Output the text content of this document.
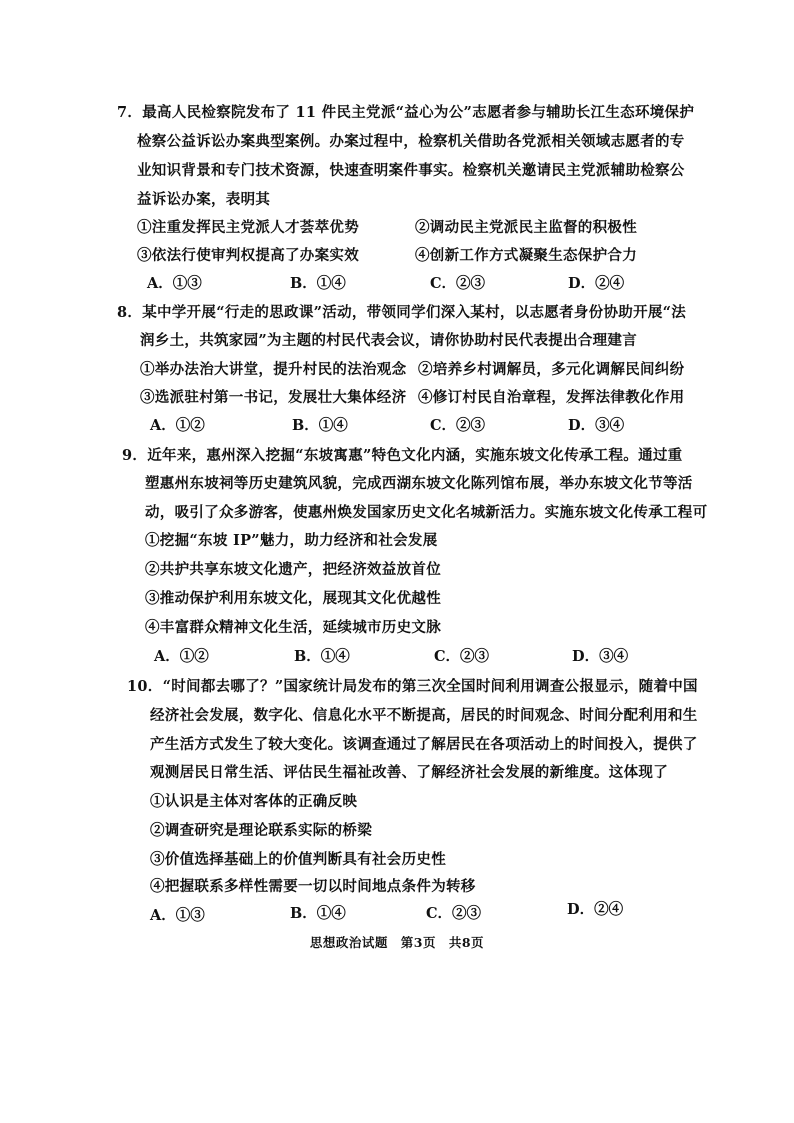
7．最高人民检察院发布了 11 件民主党派“益心为公”志愿者参与辅助长江生态环境保护
检察公益诉讼办案典型案例。办案过程中，检察机关借助各党派相关领域志愿者的专
业知识背景和专门技术资源，快速查明案件事实。检察机关邀请民主党派辅助检察公
益诉讼办案，表明其
①注重发挥民主党派人才荟萃优势	②调动民主党派民主监督的积极性
③依法行使审判权提高了办案实效	④创新工作方式凝聚生态保护合力
A．①③	B．①④	C．②③	D．②④
8．某中学开展“行走的思政课”活动，带领同学们深入某村，以志愿者身份协助开展“法
润乡土，共筑家园”为主题的村民代表会议，请你协助村民代表提出合理建言
①举办法治大讲堂，提升村民的法治观念 ②培养乡村调解员，多元化调解民间纠纷
③选派驻村第一书记，发展壮大集体经济 ④修订村民自治章程，发挥法律教化作用
A．①②	B．①④	C．②③	D．③④
9．近年来，惠州深入挖掘“东坡寓惠”特色文化内涵，实施东坡文化传承工程。通过重
塑惠州东坡祠等历史建筑风貌，完成西湖东坡文化陈列馆布展，举办东坡文化节等活
动，吸引了众多游客，使惠州焕发国家历史文化名城新活力。实施东坡文化传承工程可
①挖掘“东坡 IP”魅力，助力经济和社会发展
②共护共享东坡文化遗产，把经济效益放首位
③推动保护利用东坡文化，展现其文化优越性
④丰富群众精神文化生活，延续城市历史文脉
A．①②	B．①④	C．②③	D．③④
10．“时间都去哪了？”国家统计局发布的第三次全国时间利用调查公报显示，随着中国
经济社会发展，数字化、信息化水平不断提高，居民的时间观念、时间分配利用和生
产生活方式发生了较大变化。该调查通过了解居民在各项活动上的时间投入，提供了
观测居民日常生活、评估民生福祉改善、了解经济社会发展的新维度。这体现了
①认识是主体对客体的正确反映
②调查研究是理论联系实际的桥梁
③价值选择基础上的价值判断具有社会历史性
④把握联系多样性需要一切以时间地点条件为转移
A．①③	B．①④	C．②③	D．②④
思想政治试题 第3页 共8页
